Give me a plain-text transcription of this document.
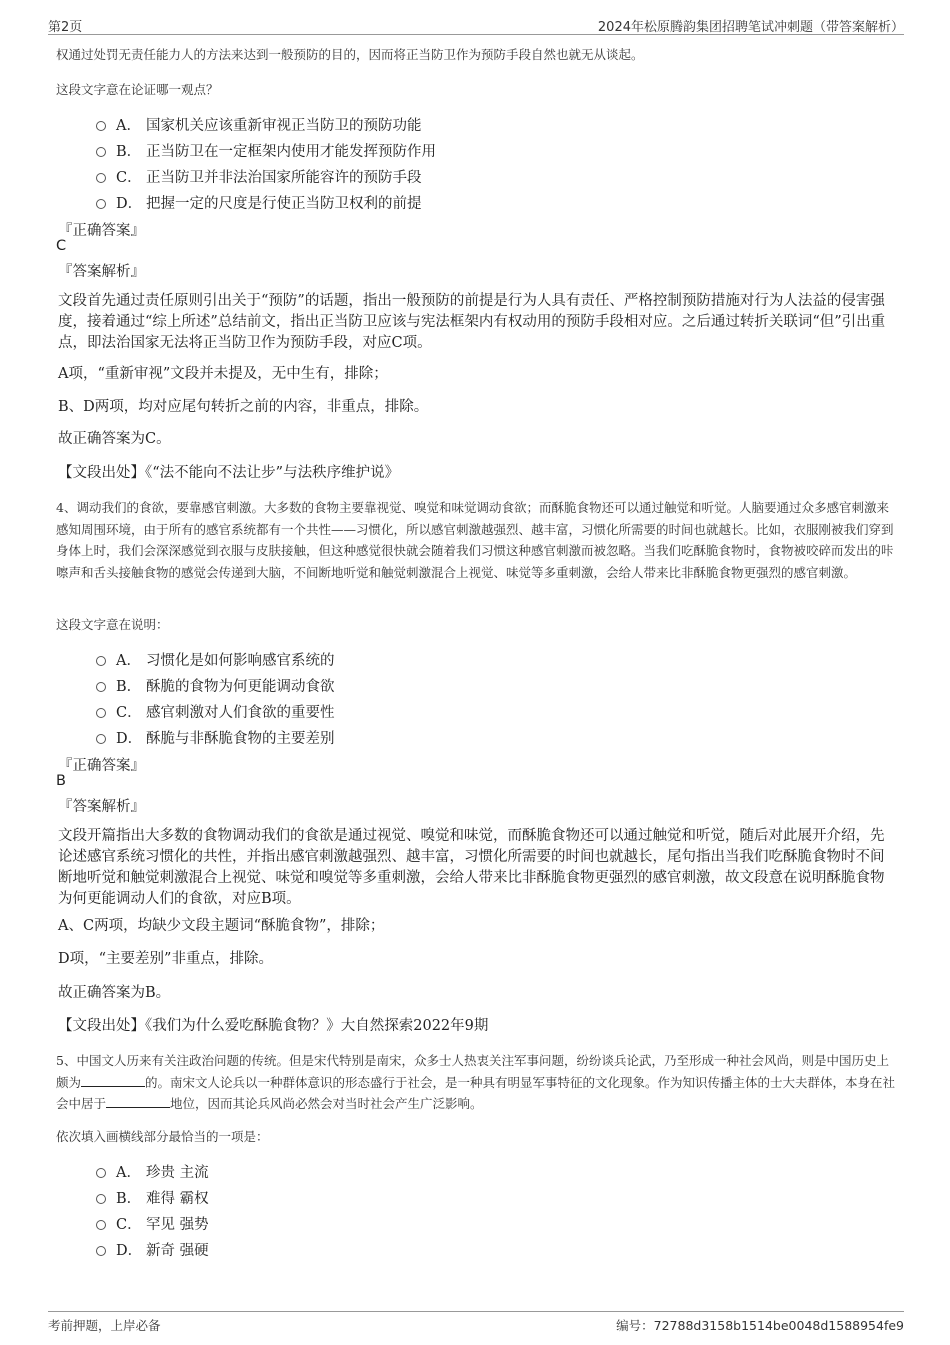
第2页	2024年松原腾韵集团招聘笔试冲刺题（带答案解析）
权通过处罚无责任能力人的方法来达到一般预防的目的，因而将正当防卫作为预防手段自然也就无从谈起。
这段文字意在论证哪一观点？
A． 国家机关应该重新审视正当防卫的预防功能
B． 正当防卫在一定框架内使用才能发挥预防作用
C． 正当防卫并非法治国家所能容许的预防手段
D． 把握一定的尺度是行使正当防卫权利的前提
『正确答案』
C
『答案解析』
文段首先通过责任原则引出关于“预防”的话题，指出一般预防的前提是行为人具有责任、严格控制预防措施对行为人法益的侵害强度，接着通过“综上所述”总结前文，指出正当防卫应该与宪法框架内有权动用的预防手段相对应。之后通过转折关联词“但”引出重点，即法治国家无法将正当防卫作为预防手段，对应C项。
A项，“重新审视”文段并未提及，无中生有，排除；
B、D两项，均对应尾句转折之前的内容，非重点，排除。
故正确答案为C。
【文段出处】《“法不能向不法让步”与法秩序维护说》
4、调动我们的食欲，要靠感官刺激。大多数的食物主要靠视觉、嗅觉和味觉调动食欲；而酥脆食物还可以通过触觉和听觉。人脑要通过众多感官刺激来感知周围环境，由于所有的感官系统都有一个共性——习惯化，所以感官刺激越强烈、越丰富，习惯化所需要的时间也就越长。比如，衣服刚被我们穿到身体上时，我们会深深感觉到衣服与皮肤接触，但这种感觉很快就会随着我们习惯这种感官刺激而被忽略。当我们吃酥脆食物时，食物被咬碎而发出的咔嚓声和舌头接触食物的感觉会传递到大脑，不间断地听觉和触觉刺激混合上视觉、味觉等多重刺激，会给人带来比非酥脆食物更强烈的感官刺激。
这段文字意在说明：
A． 习惯化是如何影响感官系统的
B． 酥脆的食物为何更能调动食欲
C． 感官刺激对人们食欲的重要性
D． 酥脆与非酥脆食物的主要差别
『正确答案』
B
『答案解析』
文段开篇指出大多数的食物调动我们的食欲是通过视觉、嗅觉和味觉，而酥脆食物还可以通过触觉和听觉，随后对此展开介绍，先论述感官系统习惯化的共性，并指出感官刺激越强烈、越丰富，习惯化所需要的时间也就越长，尾句指出当我们吃酥脆食物时不间断地听觉和触觉刺激混合上视觉、味觉和嗅觉等多重刺激，会给人带来比非酥脆食物更强烈的感官刺激，故文段意在说明酥脆食物为何更能调动人们的食欲，对应B项。
A、C两项，均缺少文段主题词“酥脆食物”，排除；
D项，“主要差别”非重点，排除。
故正确答案为B。
【文段出处】《我们为什么爱吃酥脆食物？》大自然探索2022年9期
5、中国文人历来有关注政治问题的传统。但是宋代特别是南宋，众多士人热衷关注军事问题，纷纷谈兵论武，乃至形成一种社会风尚，则是中国历史上颇为	的。南宋文人论兵以一种群体意识的形态盛行于社会，是一种具有明显军事特征的文化现象。作为知识传播主体的士大夫群体，本身在社会中居于	地位，因而其论兵风尚必然会对当时社会产生广泛影响。
依次填入画横线部分最恰当的一项是：
A． 珍贵 主流
B． 难得 霸权
C． 罕见 强势
D． 新奇 强硬
考前押题，上岸必备	编号：72788d3158b1514be0048d1588954fe9
